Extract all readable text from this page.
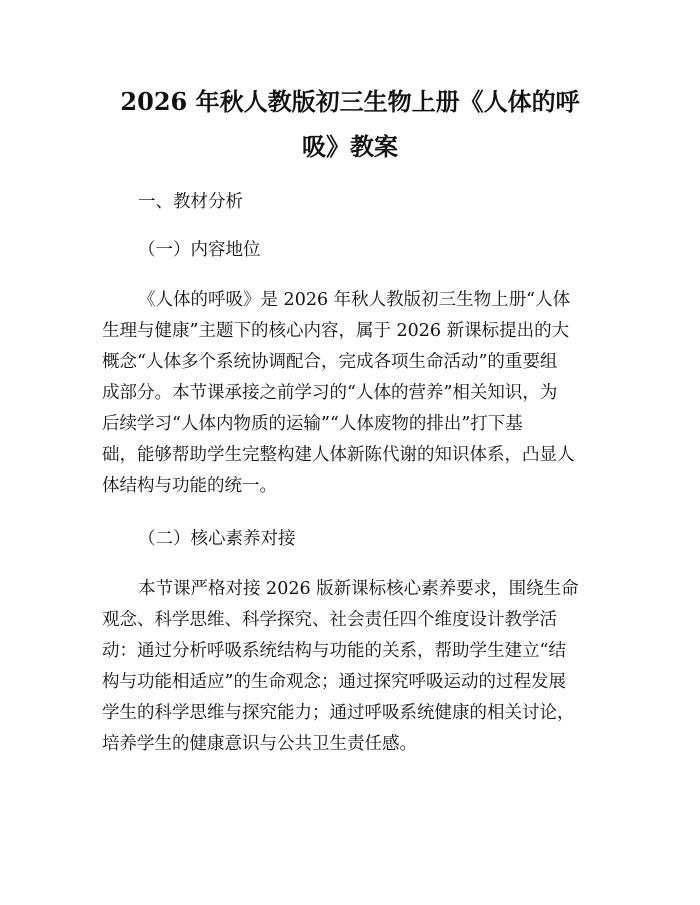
2026 年秋人教版初三生物上册《人体的呼
吸》教案

一、教材分析

（一）内容地位

《人体的呼吸》是 2026 年秋人教版初三生物上册“人体

生理与健康”主题下的核心内容，属于 2026 新课标提出的大

概念“人体多个系统协调配合，完成各项生命活动”的重要组

成部分。本节课承接之前学习的“人体的营养”相关知识，为

后续学习“人体内物质的运输”“人体废物的排出”打下基

础，能够帮助学生完整构建人体新陈代谢的知识体系，凸显人

体结构与功能的统一。

（二）核心素养对接

本节课严格对接 2026 版新课标核心素养要求，围绕生命

观念、科学思维、科学探究、社会责任四个维度设计教学活

动：通过分析呼吸系统结构与功能的关系，帮助学生建立“结

构与功能相适应”的生命观念；通过探究呼吸运动的过程发展

学生的科学思维与探究能力；通过呼吸系统健康的相关讨论，

培养学生的健康意识与公共卫生责任感。
